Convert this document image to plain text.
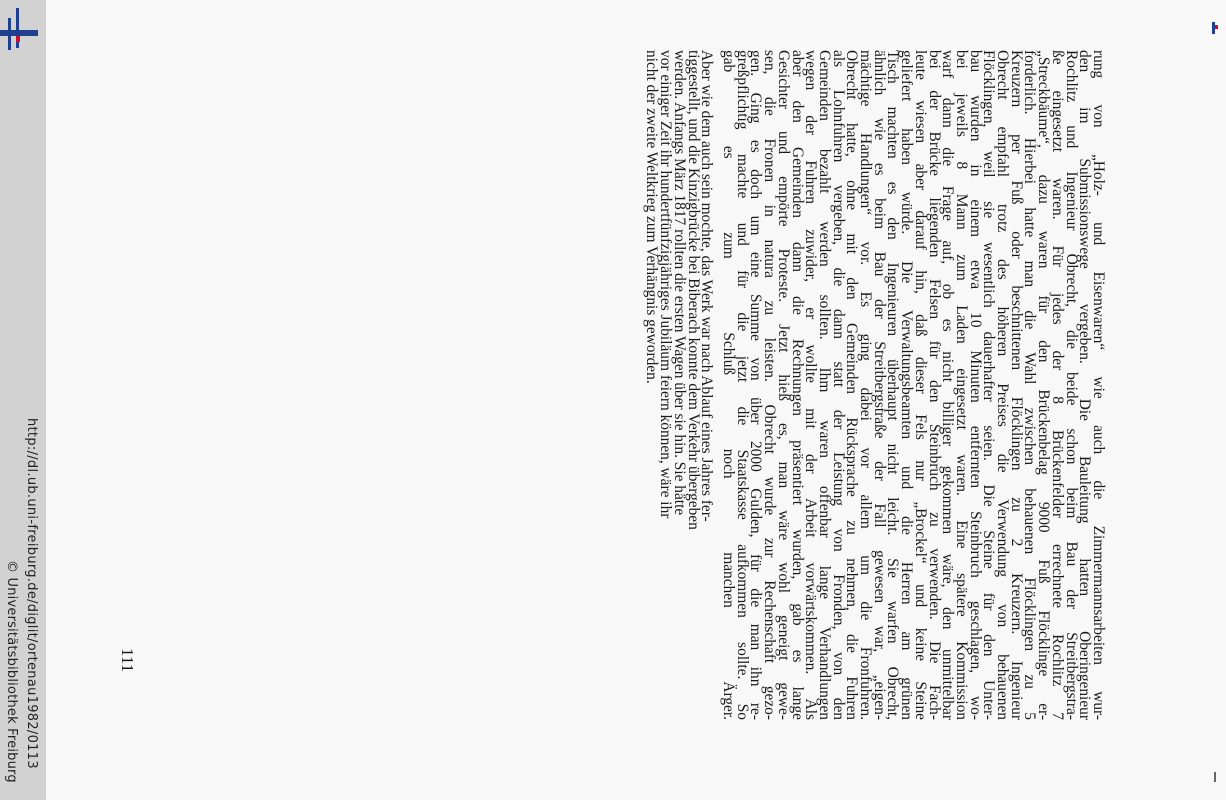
http://dl.ub.uni-freiburg.de/diglit/ortenau1982/0113
© Universitätsbibliothek Freiburg

rung von „Holz- und Eisenwaren“ wie auch die Zimmermannsarbeiten wur-
den im Submissionswege vergeben. Die Bauleitung hatten Oberingenieur
Rochlitz und Ingenieur Obrecht, die beide schon beim Bau der Streitbergstra-
ße eingesetzt waren. Für jedes der 8 Brückenfelder errechnete Rochlitz 7
„Streckbäume“, dazu waren für den Brückenbelag 9000 Fuß Flöcklinge er-
forderlich. Hierbei hatte man die Wahl zwischen behauenen Flöcklingen zu 5
Kreuzern per Fuß oder beschnittenen Flöcklingen zu 2 Kreuzern. Ingenieur
Obrecht empfahl trotz des höheren Preises die Verwendung von behauenen
Flöcklingen, weil sie wesentlich dauerhafter seien. Die Steine für den Unter-
bau wurden in einem etwa 10 Minuten entfernten Steinbruch geschlagen, wo-
bei jeweils 8 Mann zum Laden eingesetzt waren. Eine spätere Kommission
warf dann die Frage auf, ob es nicht billiger gekommen wäre, den unmittelbar
bei der Brücke liegenden Felsen für den Steinbruch zu verwenden. Die Fach-
leute wiesen aber darauf hin, daß dieser Fels nur „Brockel“ und keine Steine
geliefert haben würde. Die Verwaltungsbeamten und die Herren am grünen
Tisch machten es den Ingenieuren überhaupt nicht leicht. Sie warfen Obrecht,
ähnlich wie es beim Bau der Streitbergstraße der Fall gewesen war, „eigen-
mächtige Handlungen“ vor. Es ging dabei vor allem um die Fronfuhren.
Obrecht hatte, ohne mit den Gemeinden Rücksprache zu nehmen, die Fuhren
als Lohnfuhren vergeben, die dann statt der Leistung von Fronden, von den
Gemeinden bezahlt werden sollten. Ihm waren offenbar lange Verhandlungen
wegen der Fuhren zuwider, er wollte mit der Arbeit vorwärtskommen. Als
aber den Gemeinden dann die Rechnungen präsentiert wurden, gab es lange
Gesichter und empörte Proteste. Jetzt hieß es, man wäre wohl geneigt gewe-
sen, die Fronen in natura zu leisten. Obrecht wurde zur Rechenschaft gezo-
gen. Ging es doch um eine Summe von über 2000 Gulden, für die man ihn re-
greßpflichtig machte und für die jetzt die Staatskasse aufkommen sollte. So
gab es zum Schluß noch manchen Ärger.

Aber wie dem auch sein mochte, das Werk war nach Ablauf eines Jahres fer-
tiggestellt, und die Kinzigbrücke bei Biberach konnte dem Verkehr übergeben
werden. Anfangs März 1817 rollten die ersten Wagen über sie hin. Sie hätte
vor einiger Zeit ihr hundertfünfzigjähriges Jubiläum feiern können, wäre ihr
nicht der zweite Weltkrieg zum Verhängnis geworden.

111
